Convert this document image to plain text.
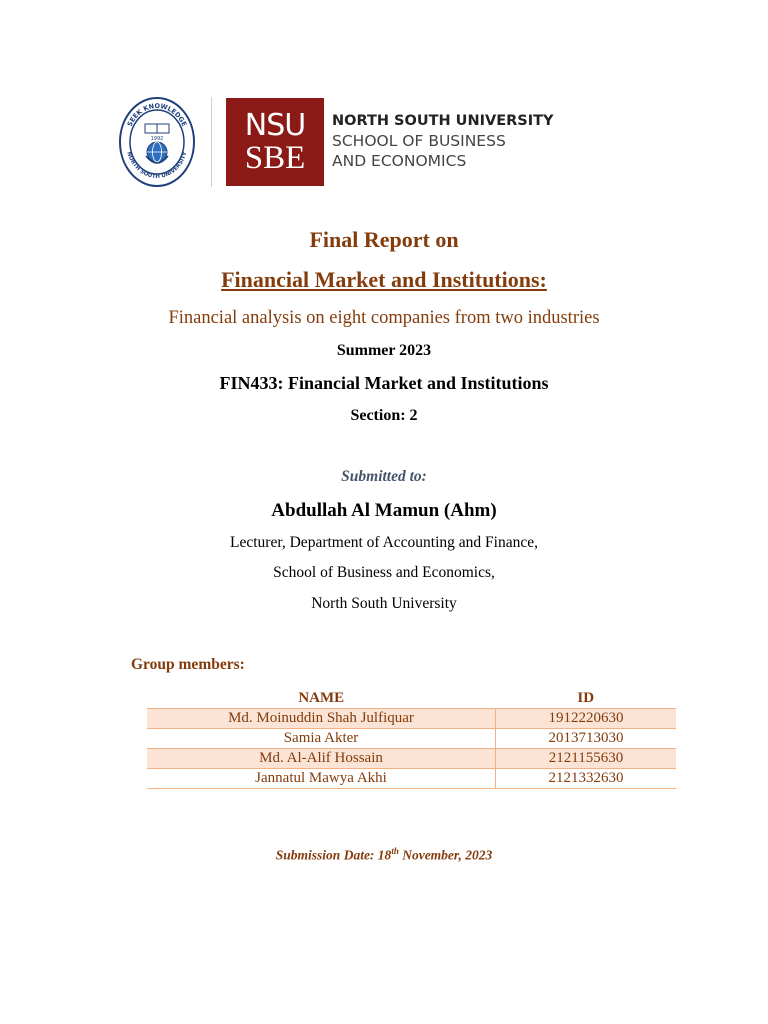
SEEK KNOWLEDGE
NORTH SOUTH UNIVERSITY
1992	NSU
SBE
NORTH SOUTH UNIVERSITY
SCHOOL OF BUSINESS
AND ECONOMICS
Final Report on
Financial Market and Institutions:
Financial analysis on eight companies from two industries
Summer 2023
FIN433: Financial Market and Institutions
Section: 2
Submitted to:
Abdullah Al Mamun (Ahm)
Lecturer, Department of Accounting and Finance,
School of Business and Economics,
North South University
Group members:
NAME	ID
Md. Moinuddin Shah Julfiquar	1912220630
Samia Akter	2013713030
Md. Al-Alif Hossain	2121155630
Jannatul Mawya Akhi	2121332630
Submission Date: 18th November, 2023
